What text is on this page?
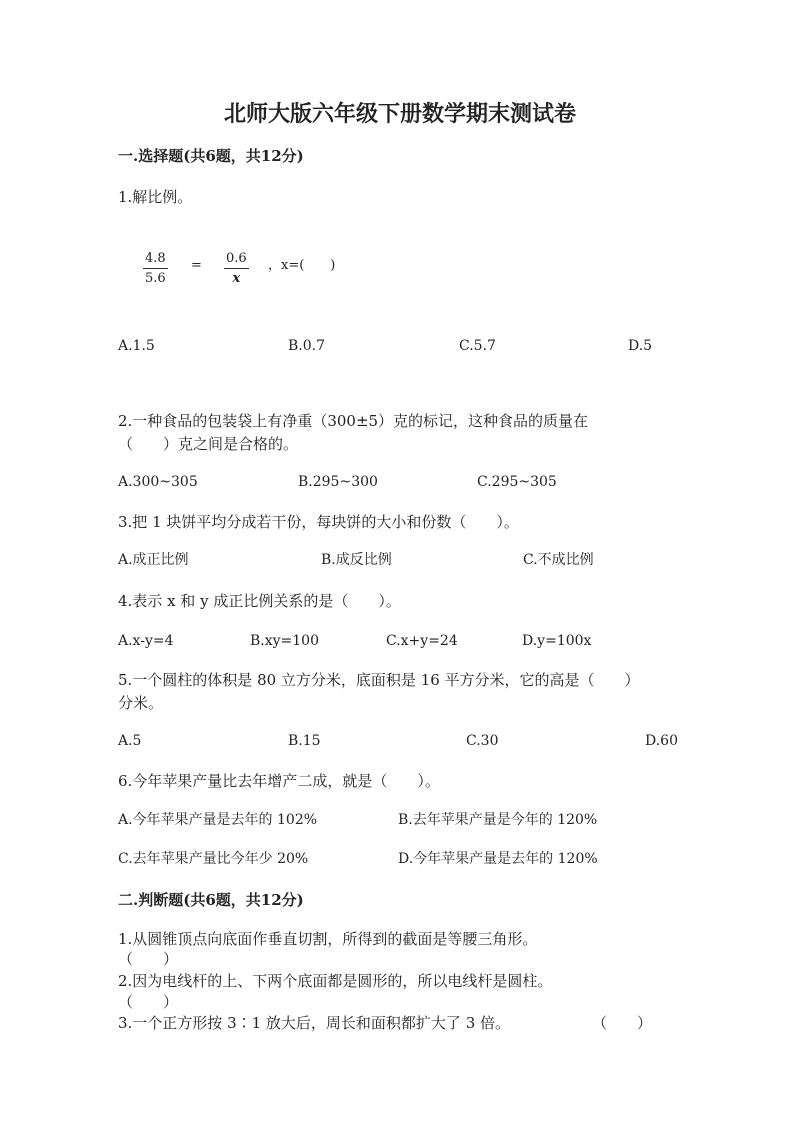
北师大版六年级下册数学期末测试卷
一.选择题(共6题，共12分)
1.解比例。
$\frac{4.8}{5.6} = \frac{0.6}{x}$ ，x=(　　)
A.1.5	B.0.7	C.5.7	D.5
2.一种食品的包装袋上有净重（300±5）克的标记，这种食品的质量在
（　　）克之间是合格的。
A.300~305	B.295~300	C.295~305
3.把 1 块饼平均分成若干份，每块饼的大小和份数（　　）。
A.成正比例	B.成反比例	C.不成比例
4.表示 x 和 y 成正比例关系的是（　　）。
A.x-y=4	B.xy=100	C.x+y=24	D.y=100x
5.一个圆柱的体积是 80 立方分米，底面积是 16 平方分米，它的高是（　　）
分米。
A.5	B.15	C.30	D.60
6.今年苹果产量比去年增产二成，就是（　　）。
A.今年苹果产量是去年的 102%	B.去年苹果产量是今年的 120%
C.去年苹果产量比今年少 20%	D.今年苹果产量是去年的 120%
二.判断题(共6题，共12分)
1.从圆锥顶点向底面作垂直切割，所得到的截面是等腰三角形。
（　　）
2.因为电线杆的上、下两个底面都是圆形的，所以电线杆是圆柱。
（　　）
3.一个正方形按 3∶1 放大后，周长和面积都扩大了 3 倍。	（　　）
